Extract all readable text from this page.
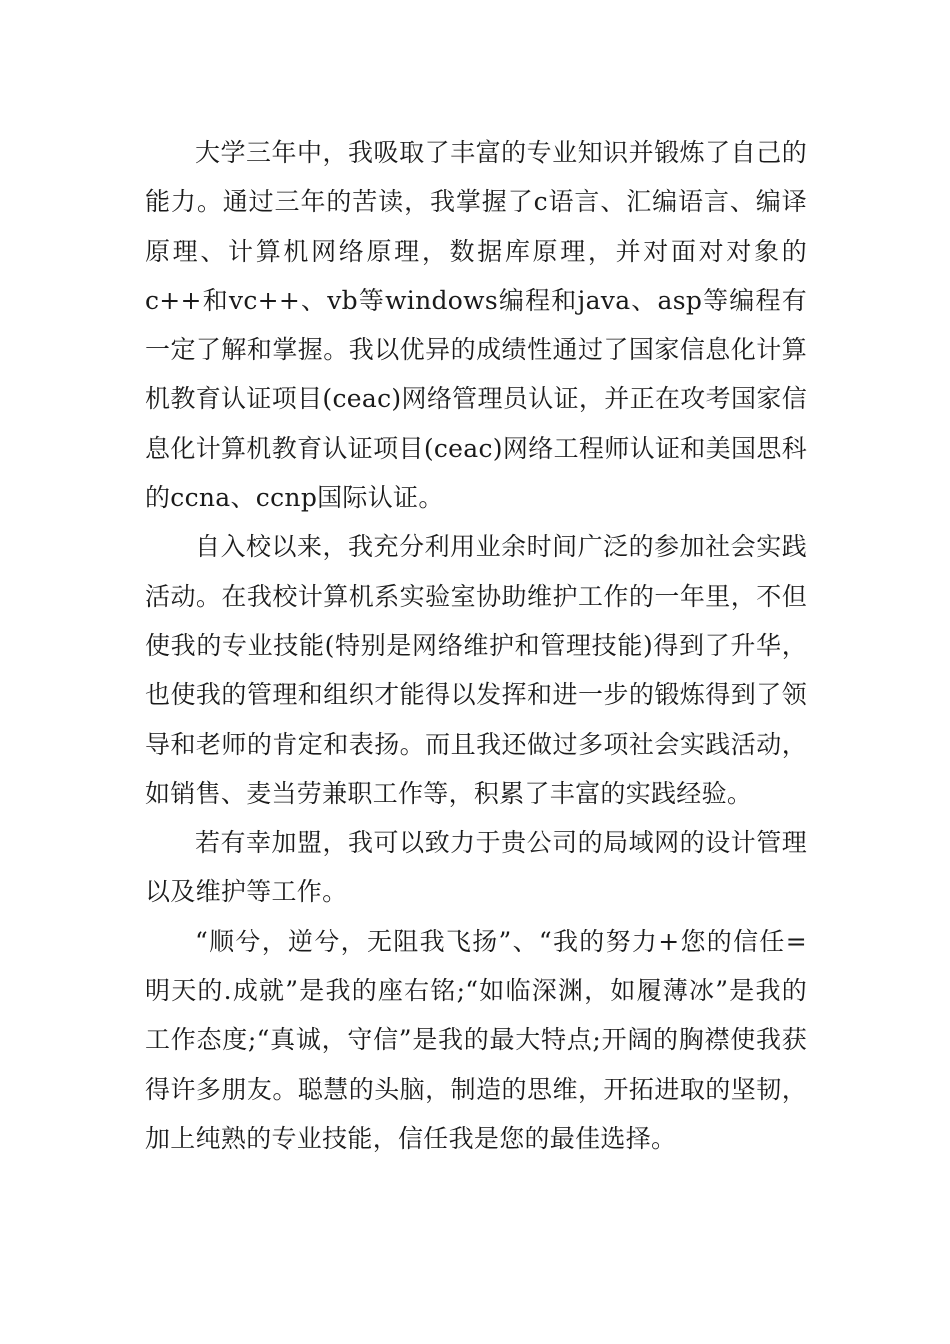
大学三年中，我吸取了丰富的专业知识并锻炼了自己的能力。通过三年的苦读，我掌握了c语言、汇编语言、编译原理、计算机网络原理，数据库原理，并对面对对象的c++和vc++、vb等windows编程和java、asp等编程有一定了解和掌握。我以优异的成绩性通过了国家信息化计算机教育认证项目(ceac)网络管理员认证，并正在攻考国家信息化计算机教育认证项目(ceac)网络工程师认证和美国思科的ccna、ccnp国际认证。

自入校以来，我充分利用业余时间广泛的参加社会实践活动。在我校计算机系实验室协助维护工作的一年里，不但使我的专业技能(特别是网络维护和管理技能)得到了升华，也使我的管理和组织才能得以发挥和进一步的锻炼得到了领导和老师的肯定和表扬。而且我还做过多项社会实践活动，如销售、麦当劳兼职工作等，积累了丰富的实践经验。

若有幸加盟，我可以致力于贵公司的局域网的设计管理以及维护等工作。

“顺兮，逆兮，无阻我飞扬”、“我的努力+您的信任=明天的.成就”是我的座右铭;“如临深渊，如履薄冰”是我的工作态度;“真诚，守信”是我的最大特点;开阔的胸襟使我获得许多朋友。聪慧的头脑，制造的思维，开拓进取的坚韧，加上纯熟的专业技能，信任我是您的最佳选择。
